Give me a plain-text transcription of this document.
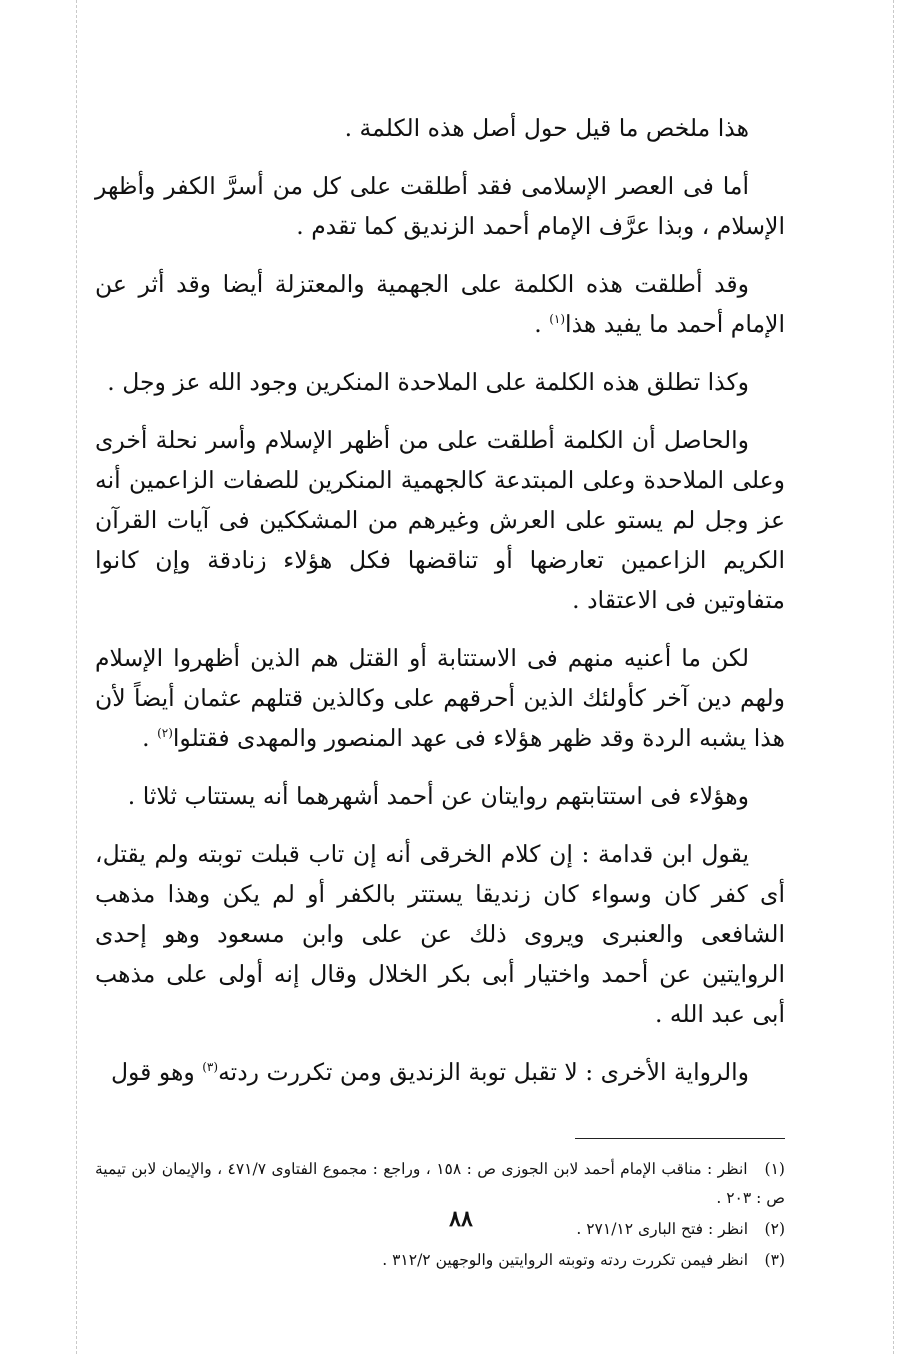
هذا ملخص ما قيل حول أصل هذه الكلمة .

أما فى العصر الإسلامى فقد أطلقت على كل من أسرَّ الكفر وأظهر الإسلام ، وبذا عرَّف الإمام أحمد الزنديق كما تقدم .

وقد أطلقت هذه الكلمة على الجهمية والمعتزلة أيضا وقد أثر عن الإمام أحمد ما يفيد هذا$^{(١)}$ .

وكذا تطلق هذه الكلمة على الملاحدة المنكرين وجود الله عز وجل .

والحاصل أن الكلمة أطلقت على من أظهر الإسلام وأسر نحلة أخرى وعلى الملاحدة وعلى المبتدعة كالجهمية المنكرين للصفات الزاعمين أنه عز وجل لم يستو على العرش وغيرهم من المشككين فى آيات القرآن الكريم الزاعمين تعارضها أو تناقضها فكل هؤلاء زنادقة وإن كانوا متفاوتين فى الاعتقاد .

لكن ما أعنيه منهم فى الاستتابة أو القتل هم الذين أظهروا الإسلام ولهم دين آخر كأولئك الذين أحرقهم على وكالذين قتلهم عثمان أيضاً لأن هذا يشبه الردة وقد ظهر هؤلاء فى عهد المنصور والمهدى فقتلوا$^{(٢)}$ .

وهؤلاء فى استتابتهم روايتان عن أحمد أشهرهما أنه يستتاب ثلاثا .

يقول ابن قدامة : إن كلام الخرقى أنه إن تاب قبلت توبته ولم يقتل، أى كفر كان وسواء كان زنديقا يستتر بالكفر أو لم يكن وهذا مذهب الشافعى والعنبرى ويروى ذلك عن على وابن مسعود وهو إحدى الروايتين عن أحمد واختيار أبى بكر الخلال وقال إنه أولى على مذهب أبى عبد الله .

والرواية الأخرى : لا تقبل توبة الزنديق ومن تكررت ردته$^{(٣)}$ وهو قول

(١) انظر : مناقب الإمام أحمد لابن الجوزى ص : ١٥٨ ، وراجع : مجموع الفتاوى ٤٧١/٧ ، والإيمان لابن تيمية ص : ٢٠٣ .
(٢) انظر : فتح البارى ٢٧١/١٢ .
(٣) انظر فيمن تكررت ردته وتوبته الروايتين والوجهين ٣١٢/٢ .
٨٨
